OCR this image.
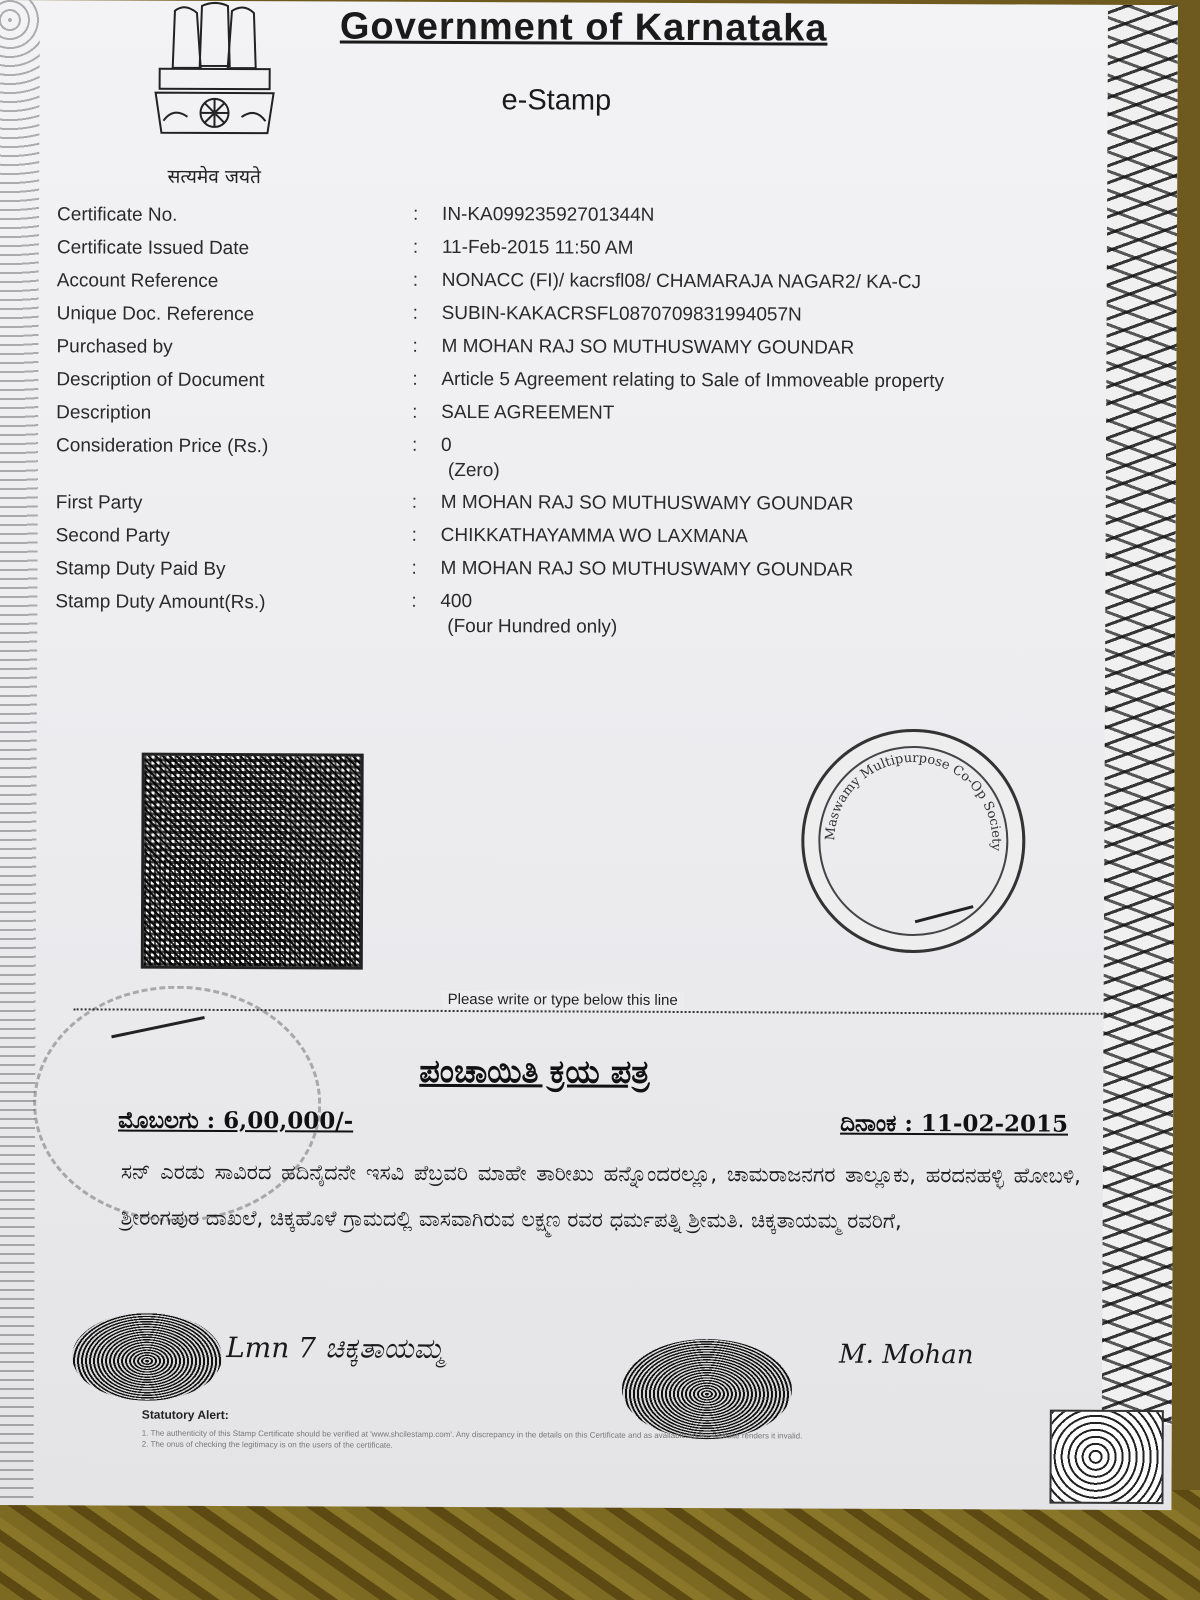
सत्यमेव जयते
Government of Karnataka
e-Stamp
Certificate No.	: IN-KA09923592701344N
Certificate Issued Date	: 11-Feb-2015 11:50 AM
Account Reference	: NONACC (FI)/ kacrsfl08/ CHAMARAJA NAGAR2/ KA-CJ
Unique Doc. Reference	: SUBIN-KAKACRSFL0870709831994057N
Purchased by	: M MOHAN RAJ SO MUTHUSWAMY GOUNDAR
Description of Document	: Article 5 Agreement relating to Sale of Immoveable property
Description	: SALE AGREEMENT
Consideration Price (Rs.)	: 0
(Zero)
First Party	: M MOHAN RAJ SO MUTHUSWAMY GOUNDAR
Second Party	: CHIKKATHAYAMMA WO LAXMANA
Stamp Duty Paid By	: M MOHAN RAJ SO MUTHUSWAMY GOUNDAR
Stamp Duty Amount(Rs.)	: 400
(Four Hundred only)
Maswamy Multipurpose Co-Op Society
Please write or type below this line
ಪಂಚಾಯಿತಿ ಕ್ರಯ ಪತ್ರ
ಮೊಬಲಗು : 6,00,000/-	ದಿನಾಂಕ : 11-02-2015
ಸನ್ ಎರಡು ಸಾವಿರದ ಹದಿನೈದನೇ ಇಸವಿ ಪೆಬ್ರವರಿ ಮಾಹೇ ತಾರೀಖು ಹನ್ನೊಂದರಲ್ಲೂ, ಚಾಮರಾಜನಗರ ತಾಲ್ಲೂಕು, ಹರದನಹಳ್ಳಿ ಹೋಬಳಿ, ಶ್ರೀರಂಗಪುರ ದಾಖಲೆ, ಚಿಕ್ಕಹೊಳೆ ಗ್ರಾಮದಲ್ಲಿ ವಾಸವಾಗಿರುವ ಲಕ್ಷ್ಮಣ ರವರ ಧರ್ಮಪತ್ನಿ ಶ್ರೀಮತಿ. ಚಿಕ್ಕತಾಯಮ್ಮ ರವರಿಗೆ,
Lmn 7 ಚಿಕ್ಕತಾಯಮ್ಮ	M. Mohan
Statutory Alert:
1. The authenticity of this Stamp Certificate should be verified at 'www.shcilestamp.com'. Any discrepancy in the details on this Certificate and as available on the website renders it invalid.
2. The onus of checking the legitimacy is on the users of the certificate.
